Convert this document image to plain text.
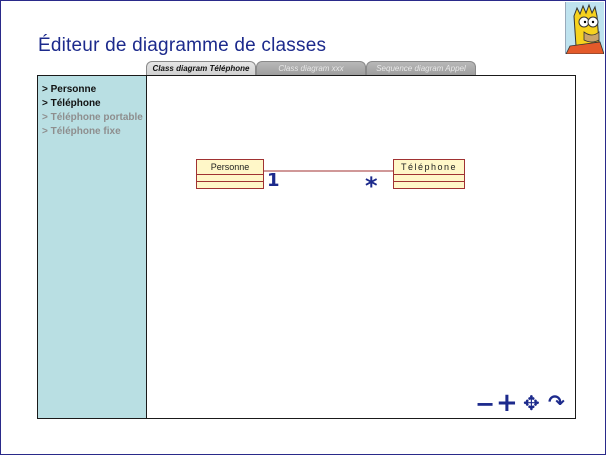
Éditeur de diagramme de classes
Class diagram Téléphone	Class diagram xxx	Sequence diagram Appel
> Personne
> Téléphone
> Téléphone portable
> Téléphone fixe
Personne	Téléphone
1	*
− + ✥ ↷
